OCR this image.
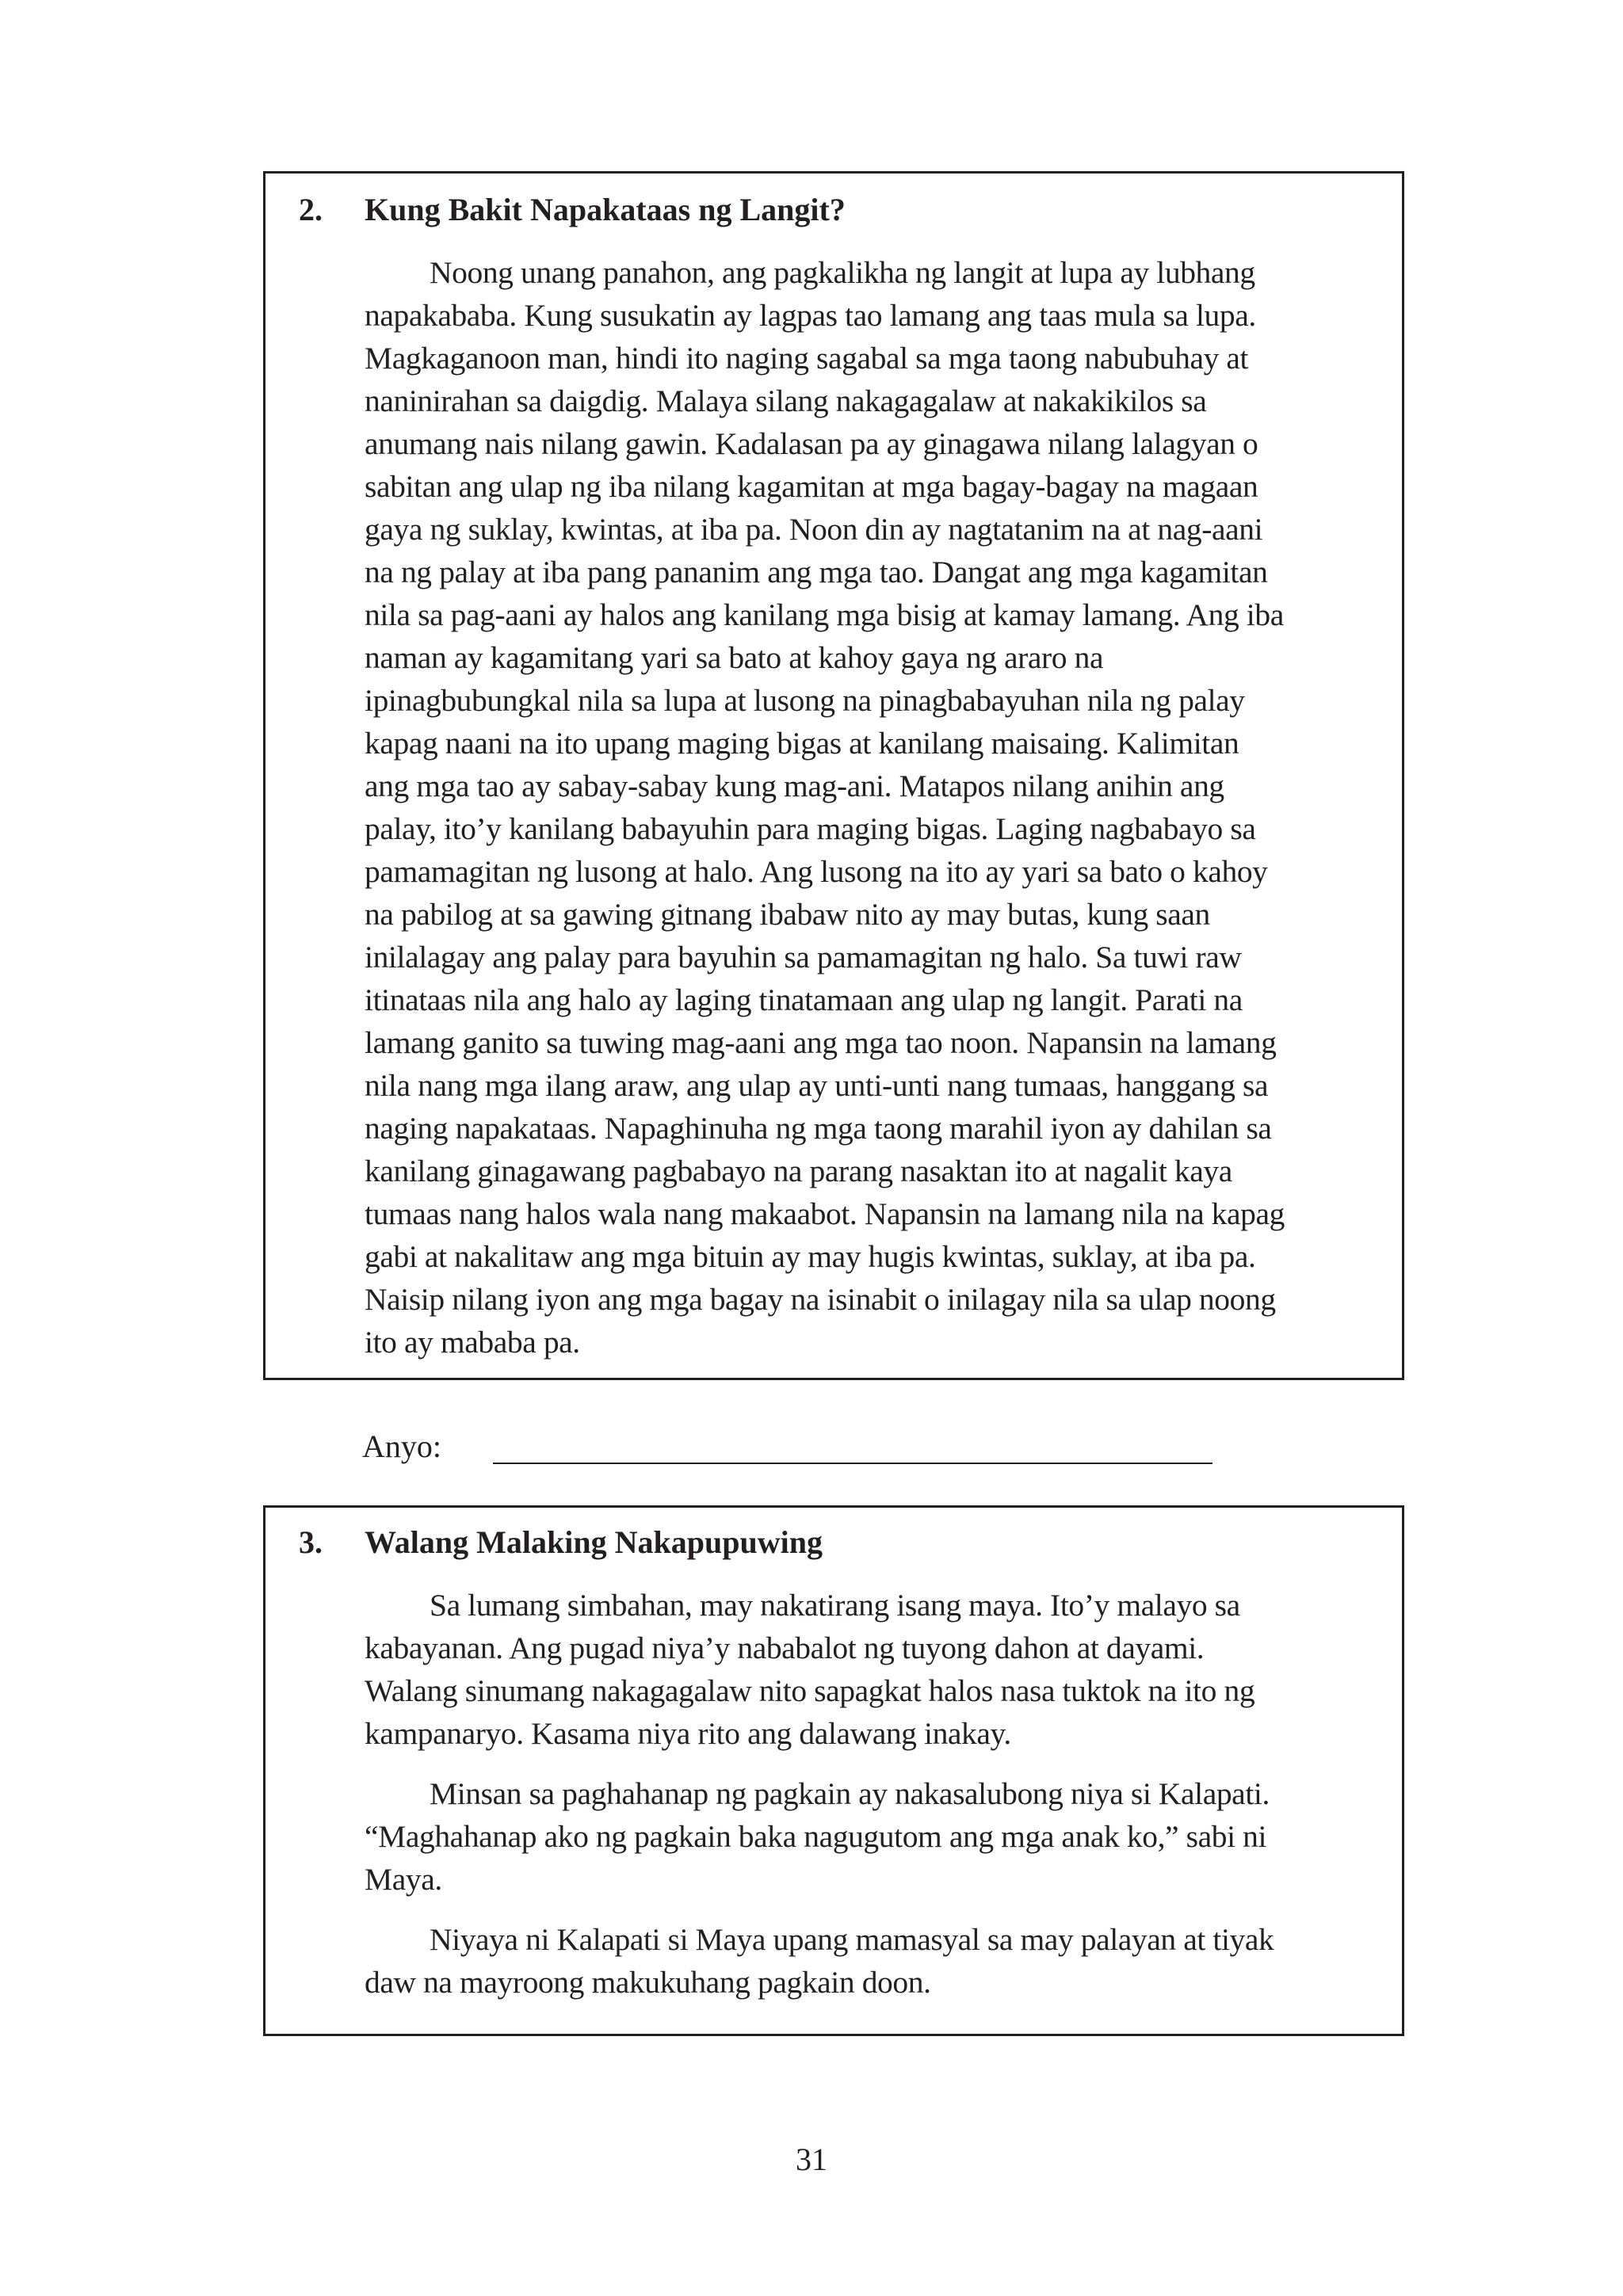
2. Kung Bakit Napakataas ng Langit?
Noong unang panahon, ang pagkalikha ng langit at lupa ay lubhang
napakababa. Kung susukatin ay lagpas tao lamang ang taas mula sa lupa.
Magkaganoon man, hindi ito naging sagabal sa mga taong nabubuhay at
naninirahan sa daigdig. Malaya silang nakagagalaw at nakakikilos sa
anumang nais nilang gawin. Kadalasan pa ay ginagawa nilang lalagyan o
sabitan ang ulap ng iba nilang kagamitan at mga bagay-bagay na magaan
gaya ng suklay, kwintas, at iba pa. Noon din ay nagtatanim na at nag-aani
na ng palay at iba pang pananim ang mga tao. Dangat ang mga kagamitan
nila sa pag-aani ay halos ang kanilang mga bisig at kamay lamang. Ang iba
naman ay kagamitang yari sa bato at kahoy gaya ng araro na
ipinagbubungkal nila sa lupa at lusong na pinagbabayuhan nila ng palay
kapag naani na ito upang maging bigas at kanilang maisaing. Kalimitan
ang mga tao ay sabay-sabay kung mag-ani. Matapos nilang anihin ang
palay, ito’y kanilang babayuhin para maging bigas. Laging nagbabayo sa
pamamagitan ng lusong at halo. Ang lusong na ito ay yari sa bato o kahoy
na pabilog at sa gawing gitnang ibabaw nito ay may butas, kung saan
inilalagay ang palay para bayuhin sa pamamagitan ng halo. Sa tuwi raw
itinataas nila ang halo ay laging tinatamaan ang ulap ng langit. Parati na
lamang ganito sa tuwing mag-aani ang mga tao noon. Napansin na lamang
nila nang mga ilang araw, ang ulap ay unti-unti nang tumaas, hanggang sa
naging napakataas. Napaghinuha ng mga taong marahil iyon ay dahilan sa
kanilang ginagawang pagbabayo na parang nasaktan ito at nagalit kaya
tumaas nang halos wala nang makaabot. Napansin na lamang nila na kapag
gabi at nakalitaw ang mga bituin ay may hugis kwintas, suklay, at iba pa.
Naisip nilang iyon ang mga bagay na isinabit o inilagay nila sa ulap noong
ito ay mababa pa.
Anyo:
3. Walang Malaking Nakapupuwing
Sa lumang simbahan, may nakatirang isang maya. Ito’y malayo sa
kabayanan. Ang pugad niya’y nababalot ng tuyong dahon at dayami.
Walang sinumang nakagagalaw nito sapagkat halos nasa tuktok na ito ng
kampanaryo. Kasama niya rito ang dalawang inakay.
Minsan sa paghahanap ng pagkain ay nakasalubong niya si Kalapati.
“Maghahanap ako ng pagkain baka nagugutom ang mga anak ko,” sabi ni
Maya.
Niyaya ni Kalapati si Maya upang mamasyal sa may palayan at tiyak
daw na mayroong makukuhang pagkain doon.
31
